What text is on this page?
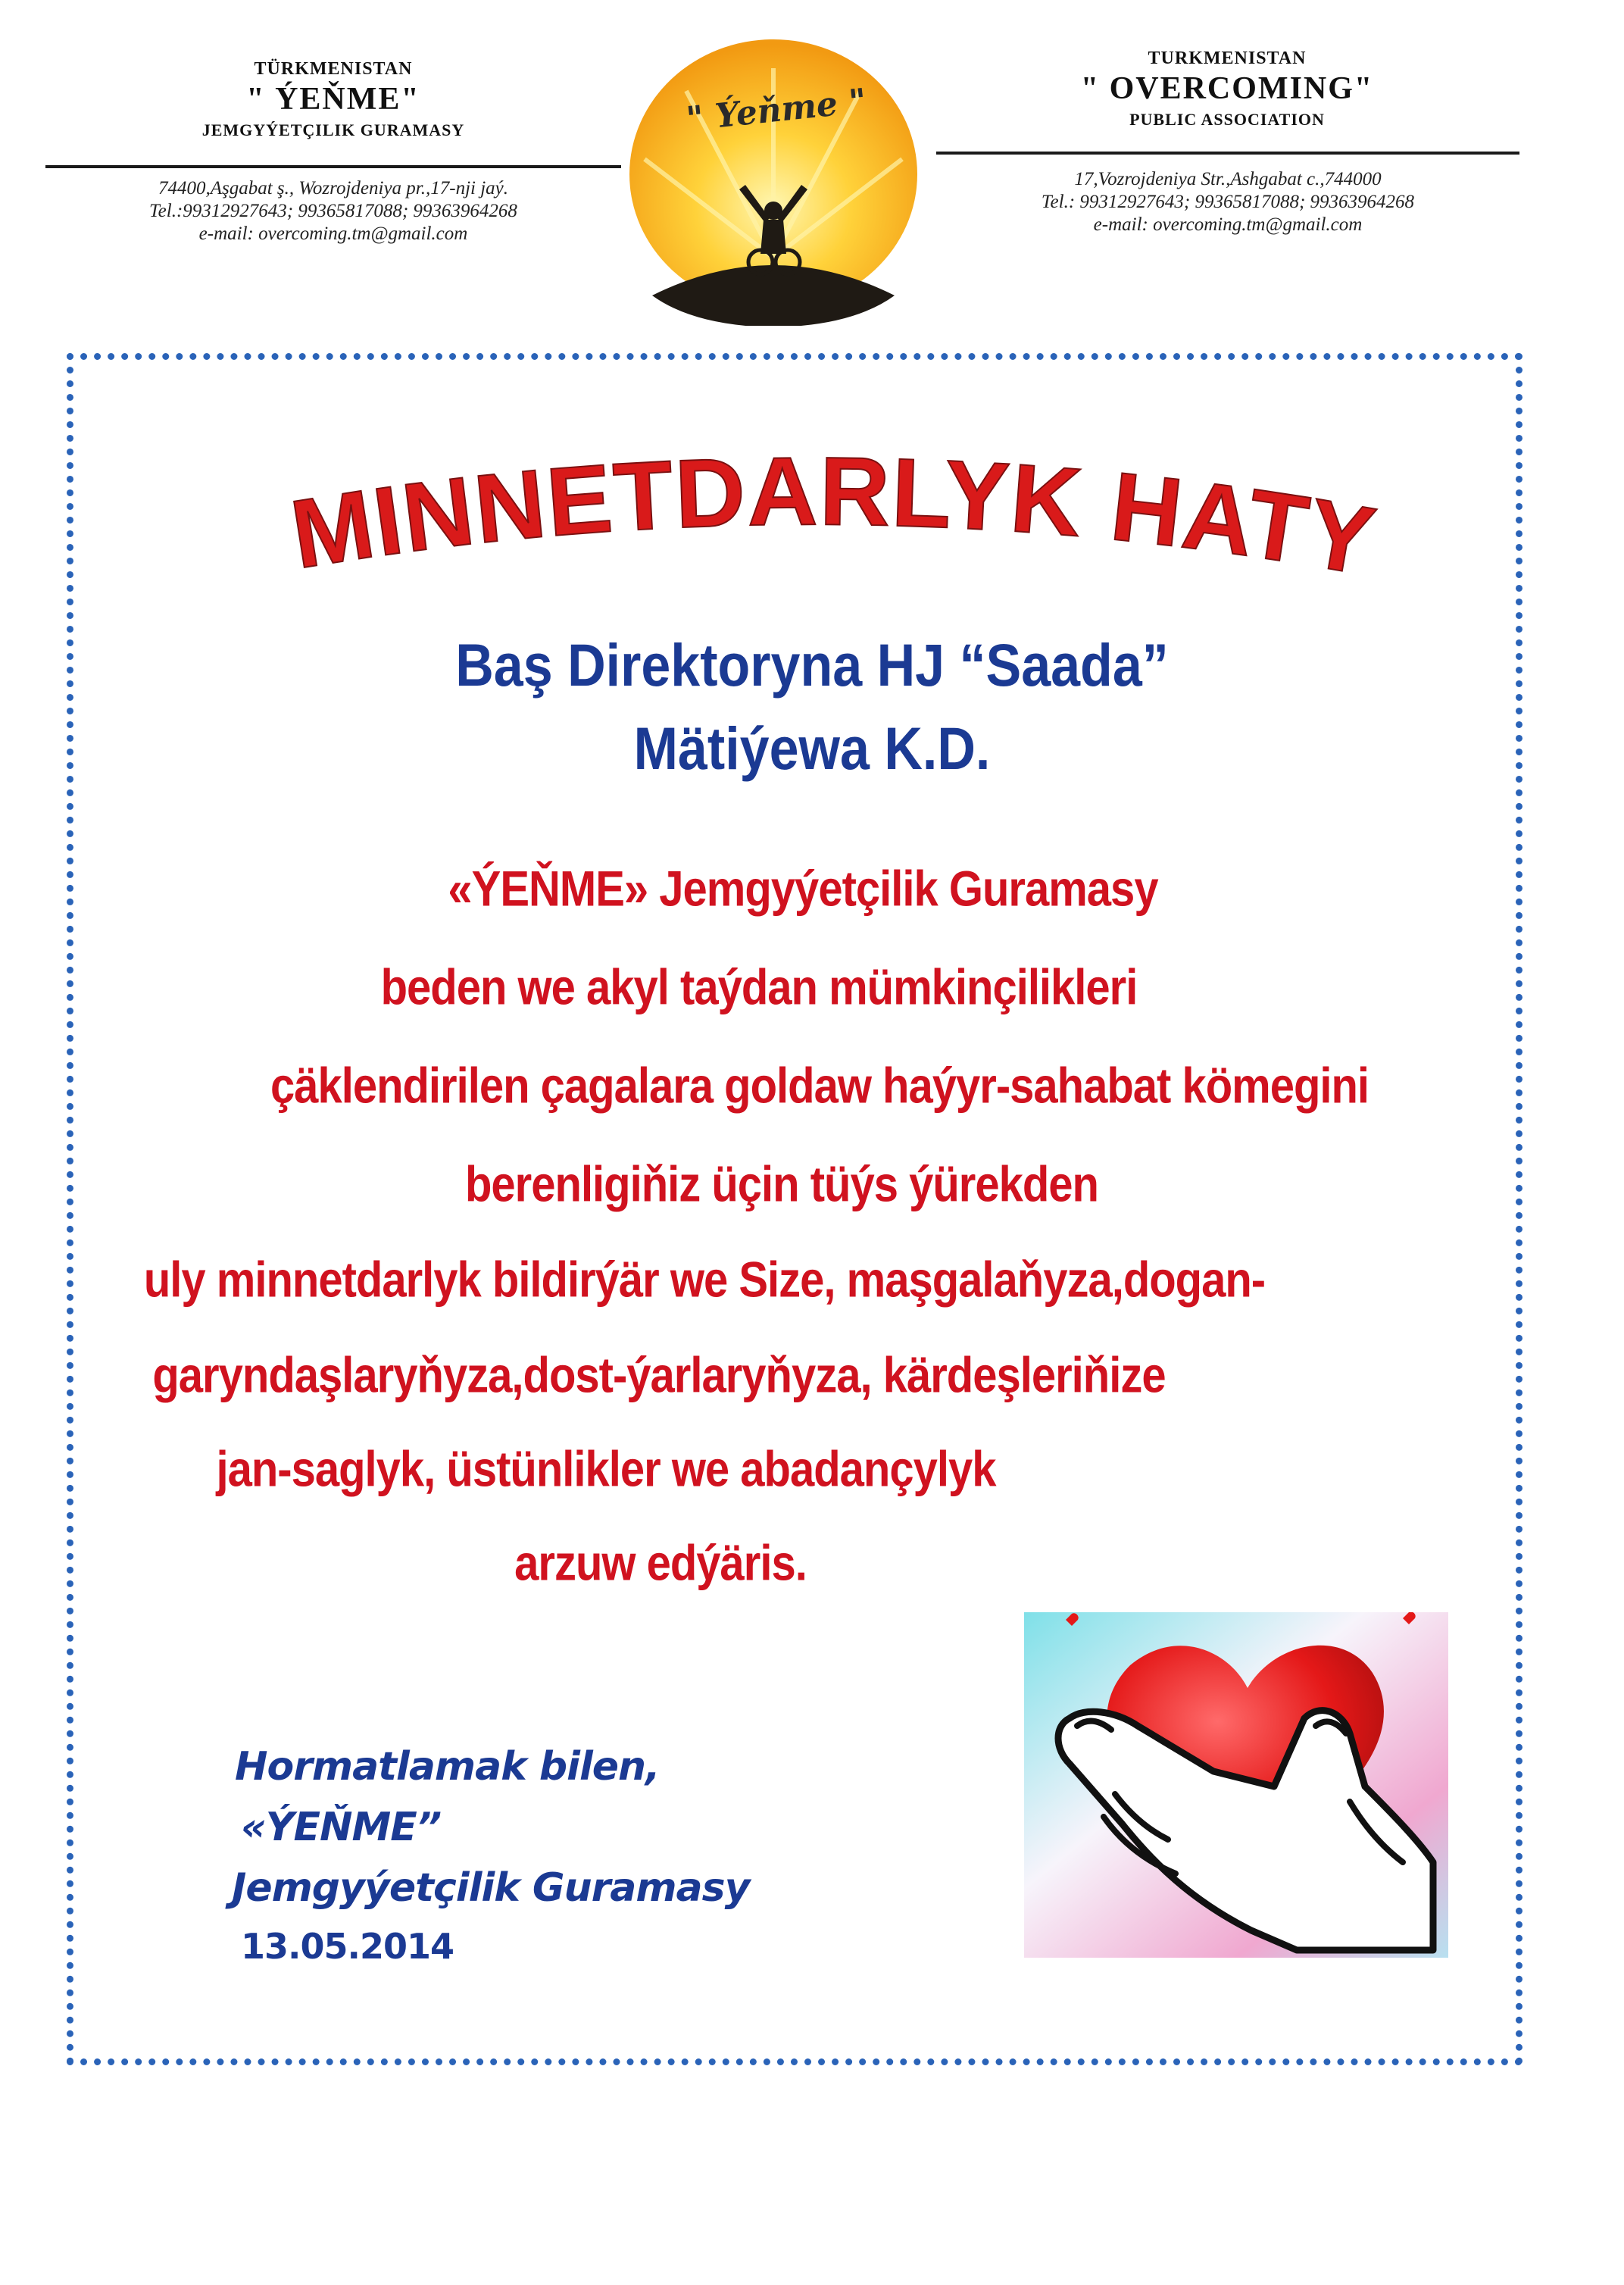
TÜRKMENISTAN
" ÝEŇME"
JEMGYÝETÇILIK GURAMASY
74400,Aşgabat ş., Wozrojdeniya pr.,17-nji jaý.
Tel.:99312927643; 99365817088; 99363964268
e-mail: overcoming.tm@gmail.com
TURKMENISTAN
" OVERCOMING"
PUBLIC ASSOCIATION
17,Vozrojdeniya Str.,Ashgabat c.,744000
Tel.: 99312927643; 99365817088; 99363964268
e-mail: overcoming.tm@gmail.com
" Ýeňme "
MINNETDARLYK HATY
Baş Direktoryna HJ “Saada”
Mätiýewa K.D.
«ÝEŇME» Jemgyýetçilik Guramasy
beden we akyl taýdan mümkinçilikleri
çäklendirilen çagalara goldaw haýyr-sahabat kömegini
berenligiňiz üçin tüýs ýürekden
uly minnetdarlyk bildirýär we Size, maşgalaňyza,dogan-
garyndaşlaryňyza,dost-ýarlaryňyza, kärdeşleriňize
jan-saglyk, üstünlikler we abadançylyk
arzuw edýäris.
Hormatlamak bilen,
«ÝEŇME”
Jemgyýetçilik Guramasy
13.05.2014
